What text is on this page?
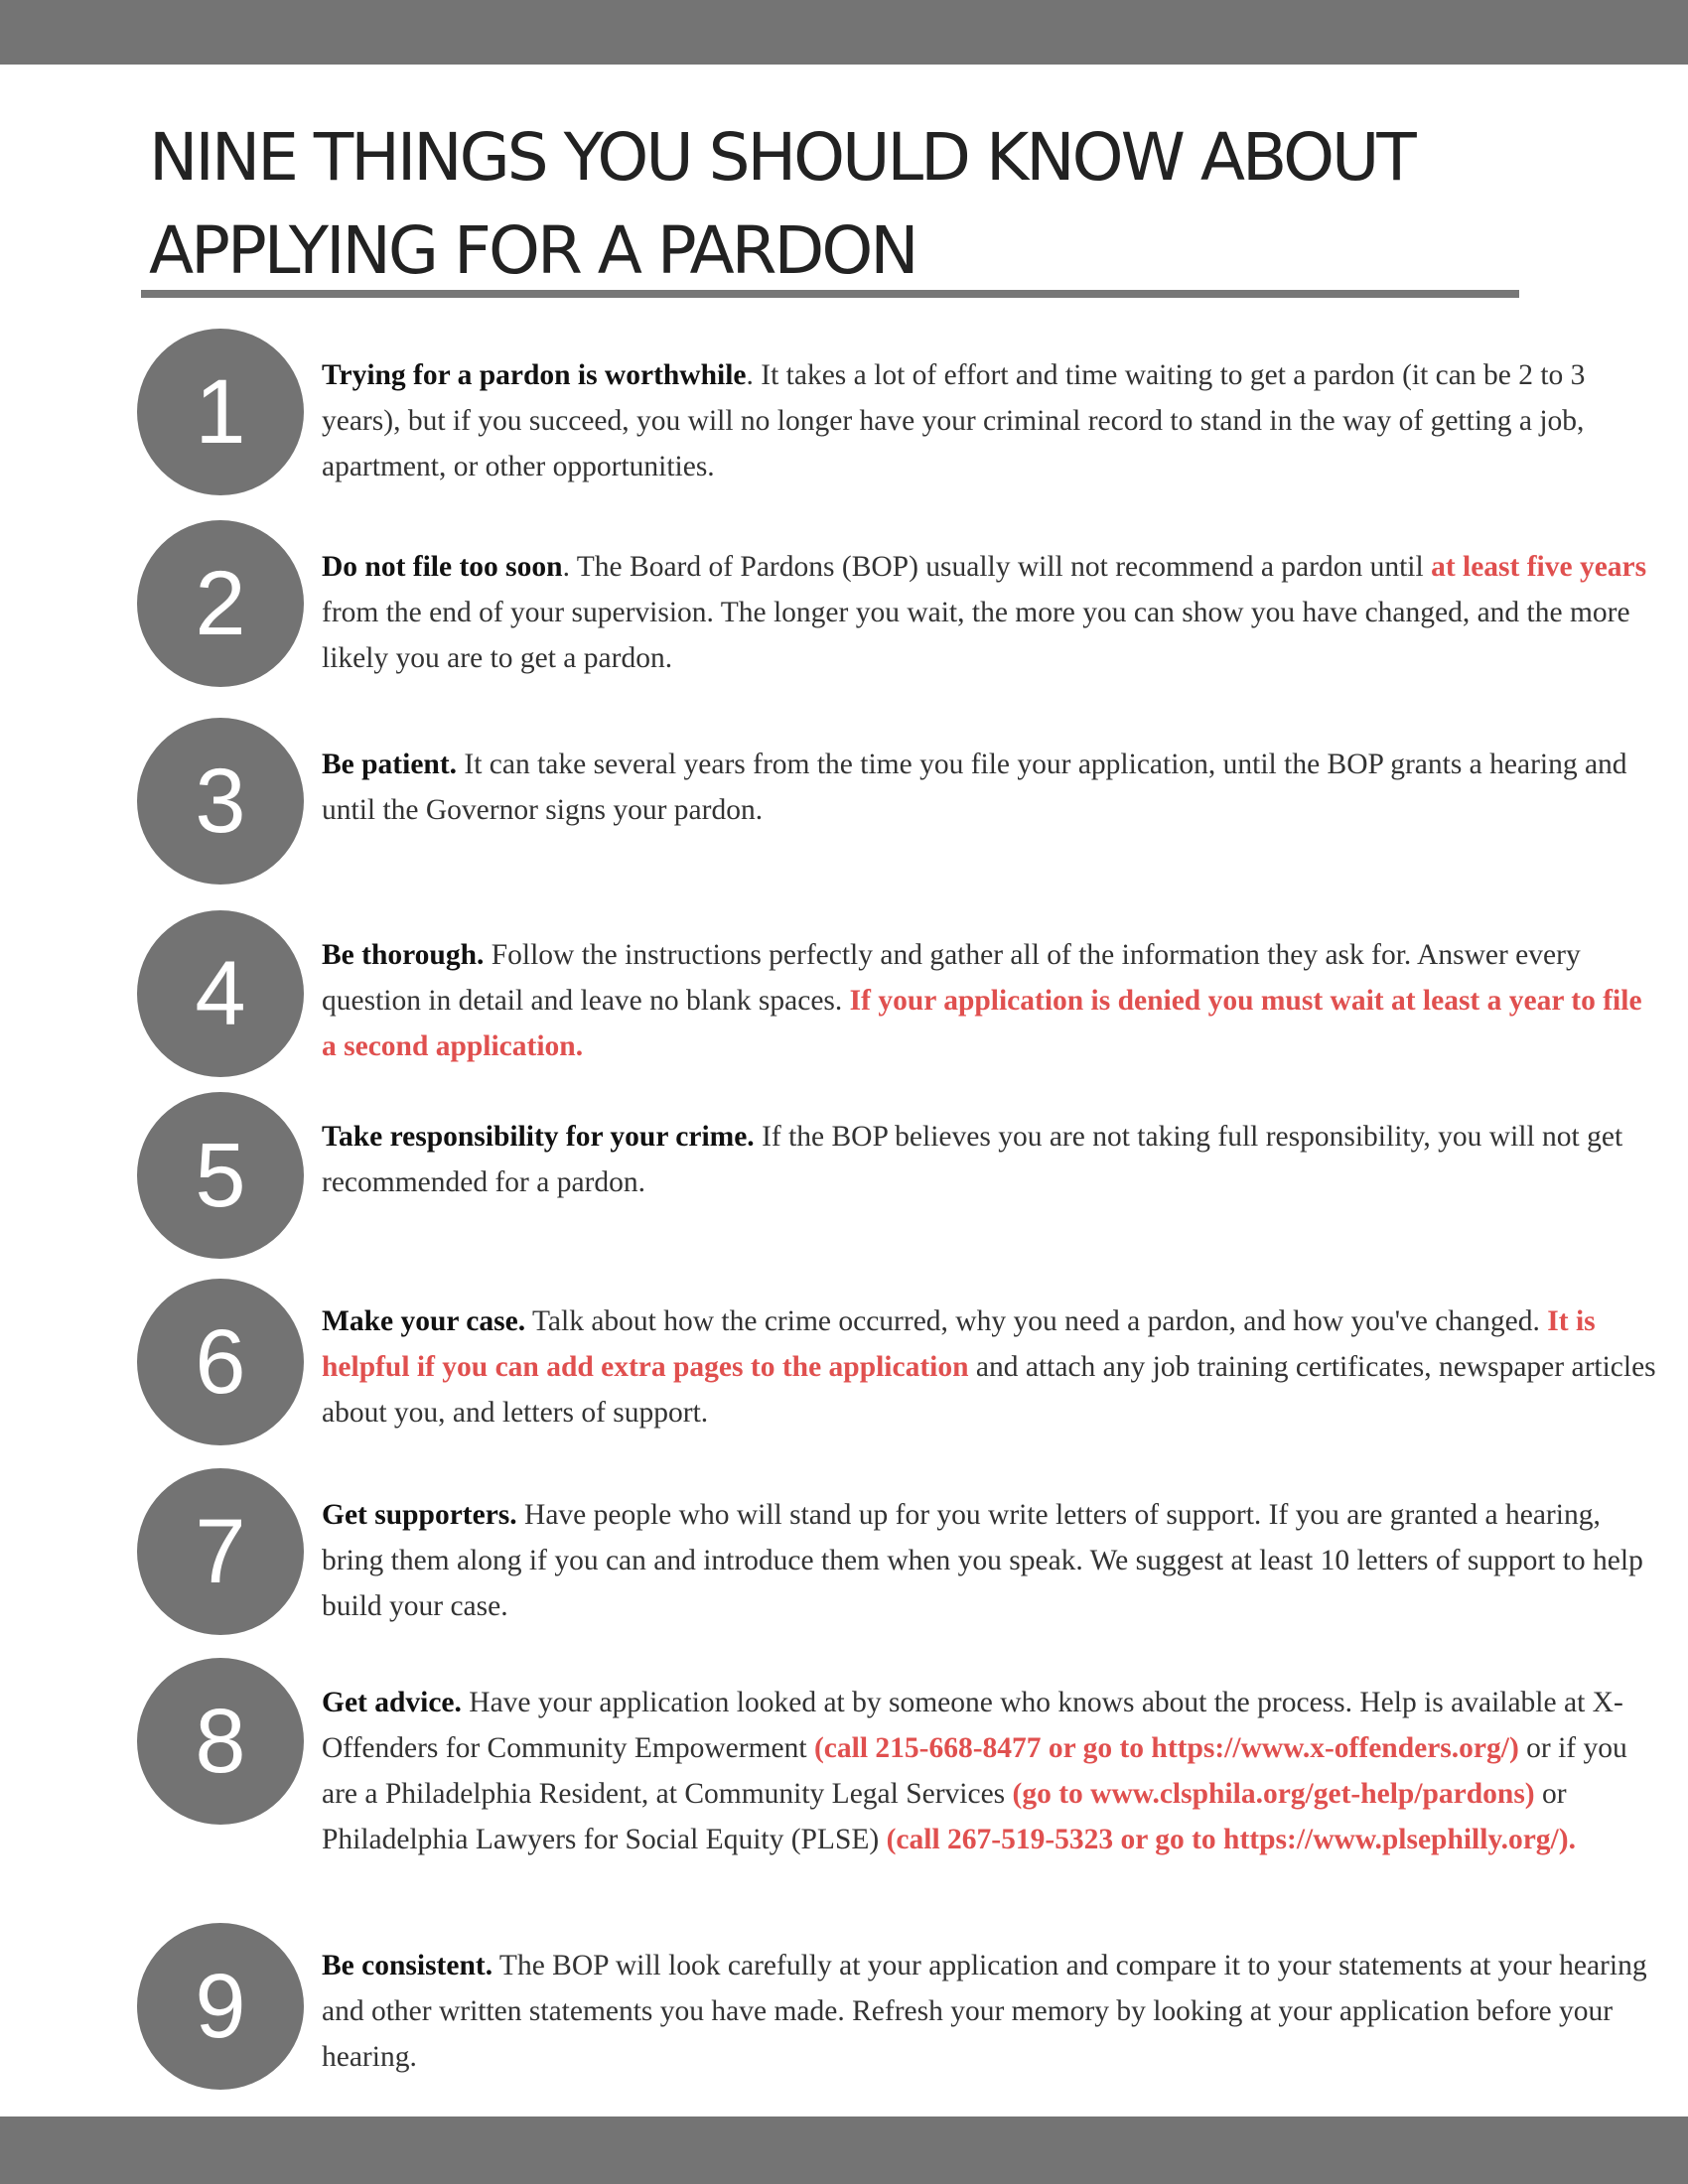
NINE THINGS YOU SHOULD KNOW ABOUT
APPLYING FOR A PARDON
1	Trying for a pardon is worthwhile. It takes a lot of effort and time waiting to get a pardon (it can be 2 to 3 years), but if you succeed, you will no longer have your criminal record to stand in the way of getting a job, apartment, or other opportunities.
2	Do not file too soon. The Board of Pardons (BOP) usually will not recommend a pardon until at least five years from the end of your supervision. The longer you wait, the more you can show you have changed, and the more likely you are to get a pardon.
3	Be patient. It can take several years from the time you file your application, until the BOP grants a hearing and until the Governor signs your pardon.
4	Be thorough. Follow the instructions perfectly and gather all of the information they ask for. Answer every question in detail and leave no blank spaces. If your application is denied you must wait at least a year to file a second application.
5	Take responsibility for your crime. If the BOP believes you are not taking full responsibility, you will not get recommended for a pardon.
6	Make your case. Talk about how the crime occurred, why you need a pardon, and how you've changed. It is helpful if you can add extra pages to the application and attach any job training certificates, newspaper articles about you, and letters of support.
7	Get supporters. Have people who will stand up for you write letters of support. If you are granted a hearing, bring them along if you can and introduce them when you speak. We suggest at least 10 letters of support to help build your case.
8	Get advice. Have your application looked at by someone who knows about the process. Help is available at X-Offenders for Community Empowerment (call 215-668-8477 or go to https://www.x-offenders.org/) or if you are a Philadelphia Resident, at Community Legal Services (go to www.clsphila.org/get-help/pardons) or Philadelphia Lawyers for Social Equity (PLSE) (call 267-519-5323 or go to https://www.plsephilly.org/).
9	Be consistent. The BOP will look carefully at your application and compare it to your statements at your hearing and other written statements you have made. Refresh your memory by looking at your application before your hearing.
